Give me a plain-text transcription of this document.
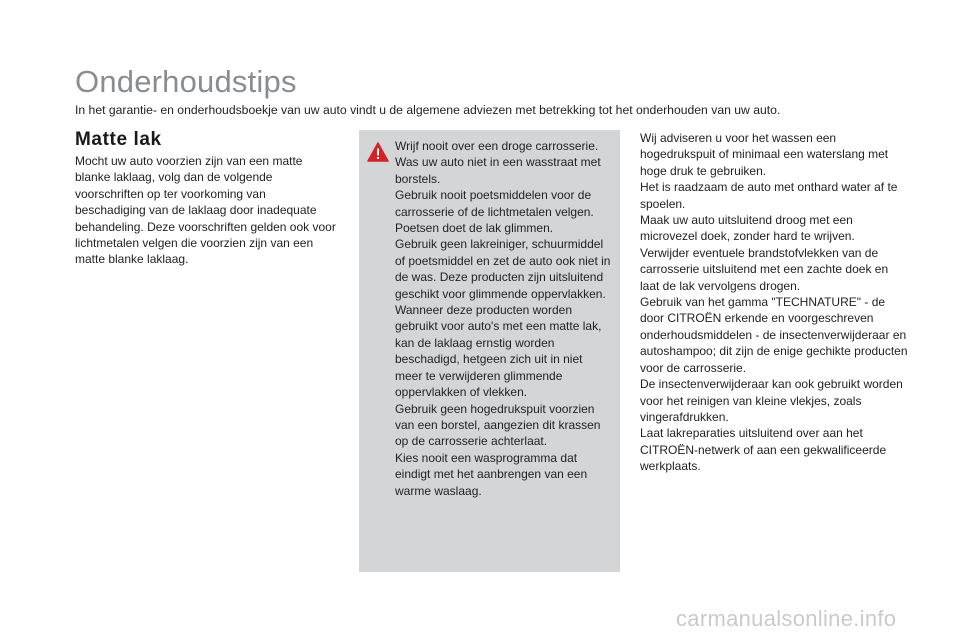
Onderhoudstips

In het garantie- en onderhoudsboekje van uw auto vindt u de algemene adviezen met betrekking tot het onderhouden van uw auto.

Matte lak

Mocht uw auto voorzien zijn van een matte blanke laklaag, volg dan de volgende voorschriften op ter voorkoming van beschadiging van de laklaag door inadequate behandeling. Deze voorschriften gelden ook voor lichtmetalen velgen die voorzien zijn van een matte blanke laklaag.

Wrijf nooit over een droge carrosserie. Was uw auto niet in een wasstraat met borstels.

Gebruik nooit poetsmiddelen voor de carrosserie of de lichtmetalen velgen.

Poetsen doet de lak glimmen.

Gebruik geen lakreiniger, schuurmiddel of poetsmiddel en zet de auto ook niet in de was. Deze producten zijn uitsluitend geschikt voor glimmende oppervlakken. Wanneer deze producten worden gebruikt voor auto's met een matte lak, kan de laklaag ernstig worden beschadigd, hetgeen zich uit in niet meer te verwijderen glimmende oppervlakken of vlekken.

Gebruik geen hogedrukspuit voorzien van een borstel, aangezien dit krassen op de carrosserie achterlaat.

Kies nooit een wasprogramma dat eindigt met het aanbrengen van een warme waslaag.

Wij adviseren u voor het wassen een hogedrukspuit of minimaal een waterslang met hoge druk te gebruiken.

Het is raadzaam de auto met onthard water af te spoelen.

Maak uw auto uitsluitend droog met een microvezel doek, zonder hard te wrijven.

Verwijder eventuele brandstofvlekken van de carrosserie uitsluitend met een zachte doek en laat de lak vervolgens drogen.

Gebruik van het gamma "TECHNATURE" - de door CITROËN erkende en voorgeschreven onderhoudsmiddelen - de insectenverwijderaar en autoshampoo; dit zijn de enige gechikte producten voor de carrosserie.

De insectenverwijderaar kan ook gebruikt worden voor het reinigen van kleine vlekjes, zoals vingerafdrukken.

Laat lakreparaties uitsluitend over aan het CITROËN-netwerk of aan een gekwalificeerde werkplaats.

carmanualsonline.info
